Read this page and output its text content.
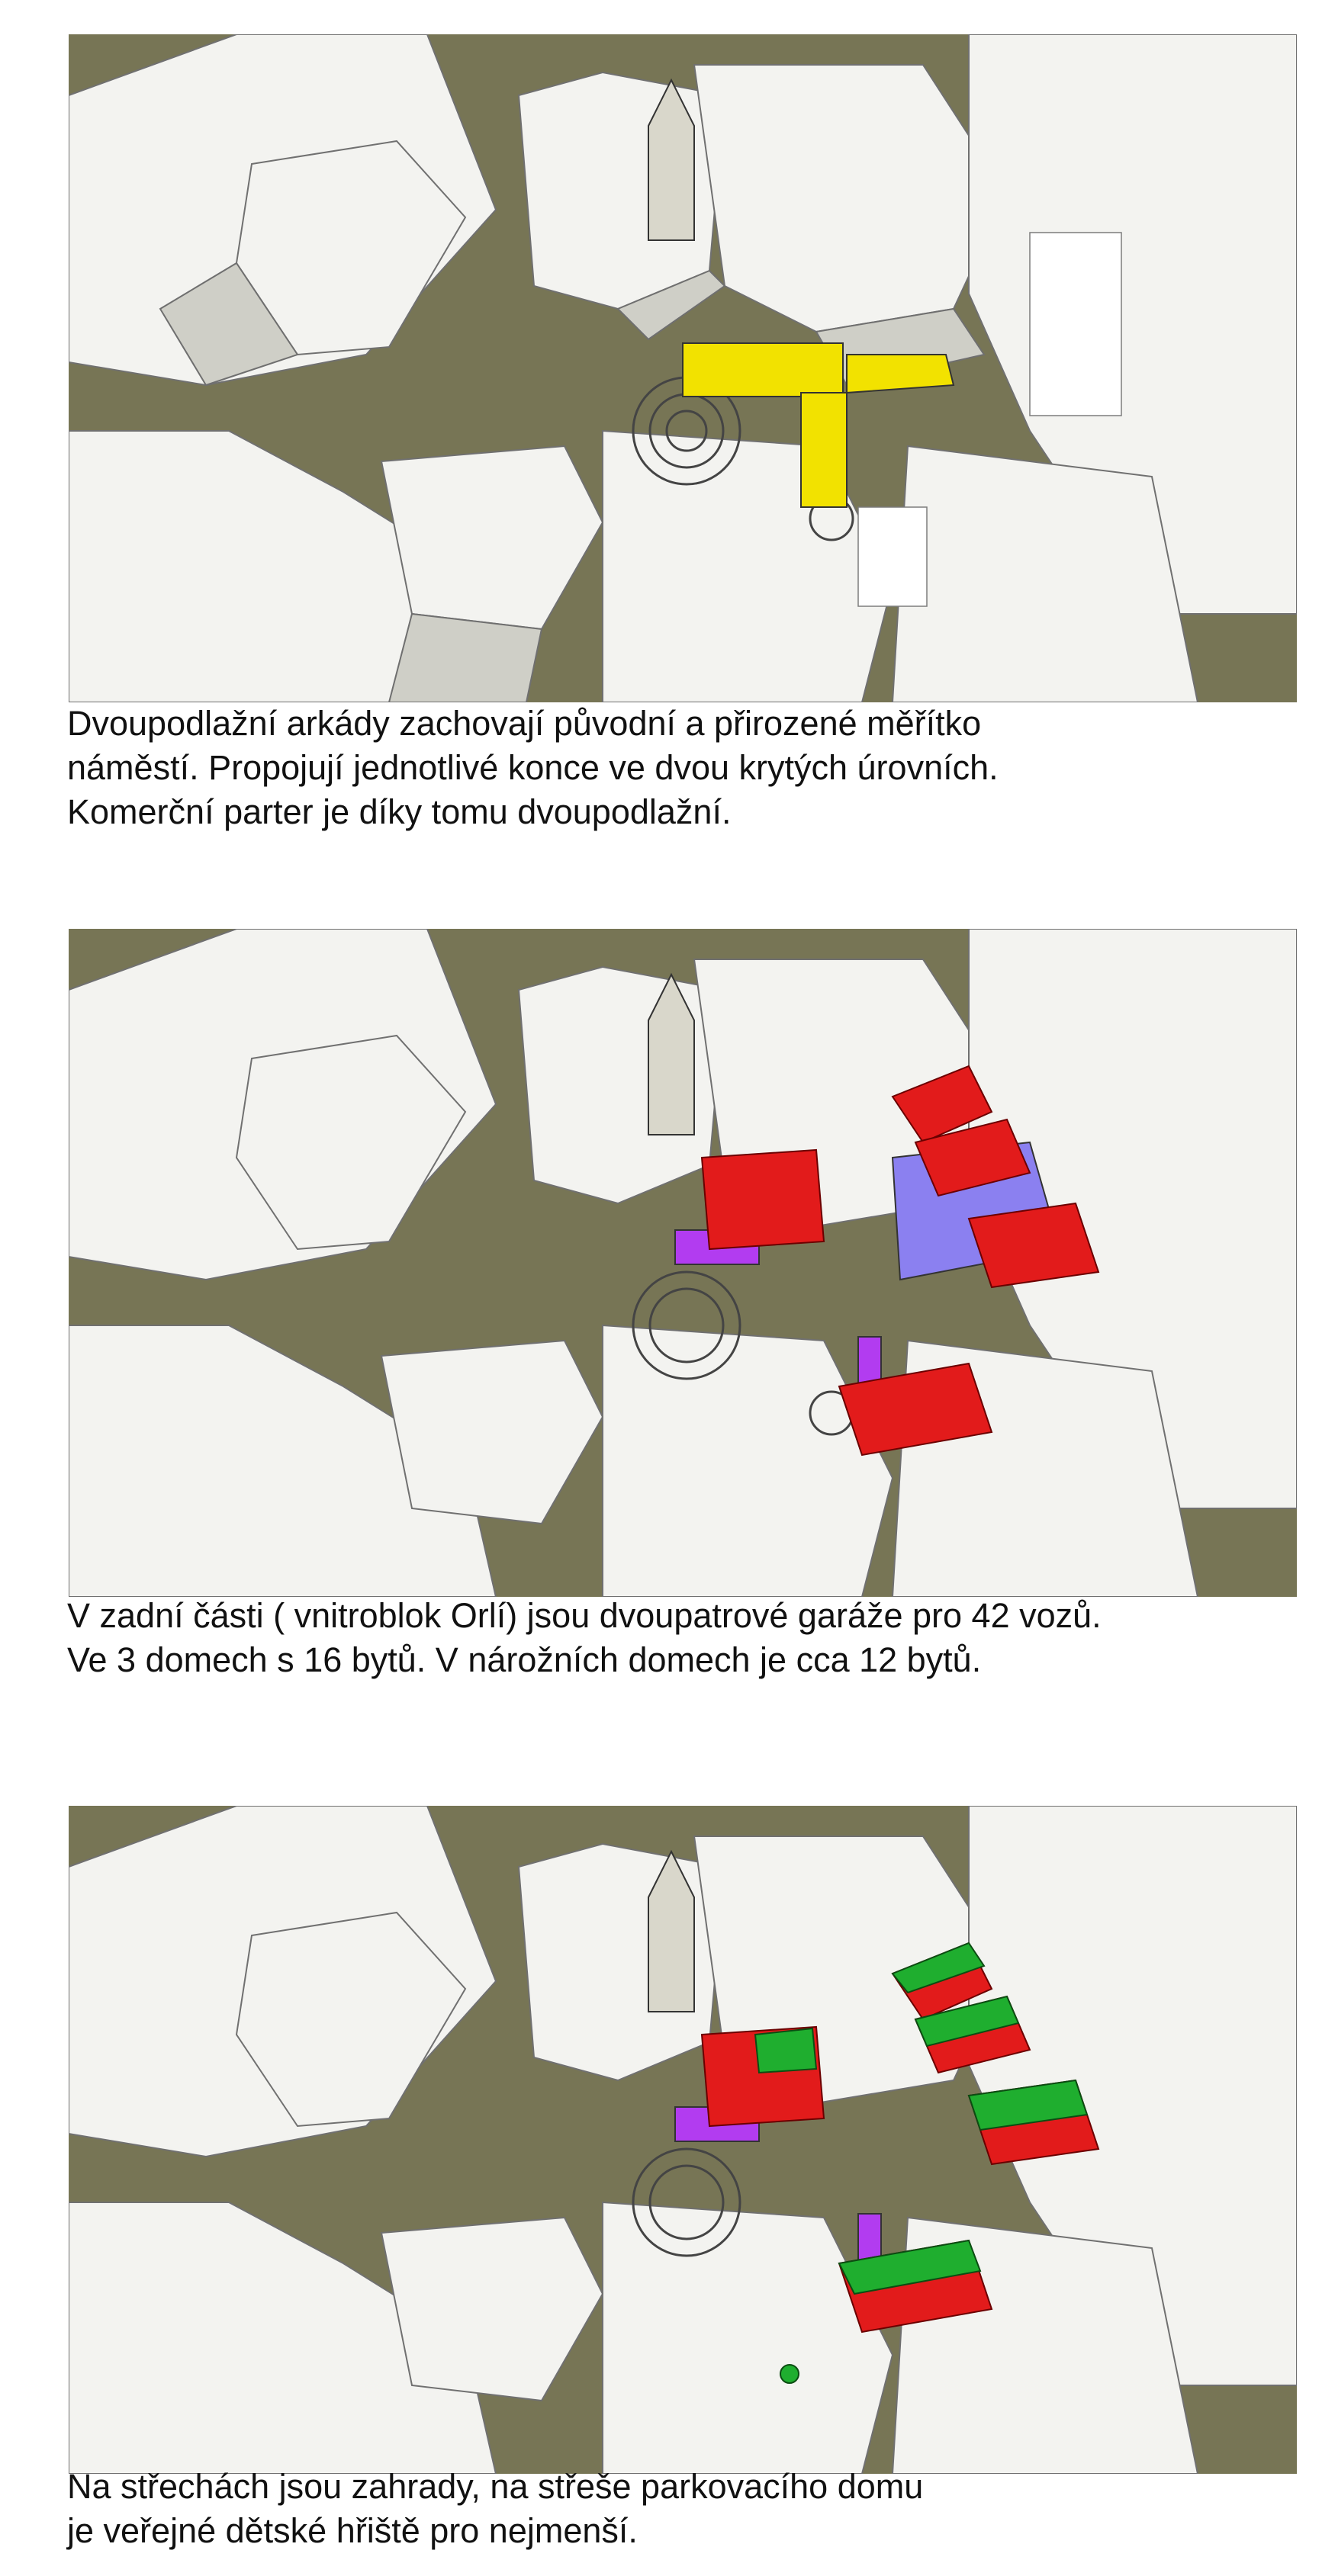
Dvoupodlažní arkády zachovají původní a přirozené měřítko

náměstí. Propojují jednotlivé konce ve dvou krytých úrovních.

Komerční parter je díky tomu dvoupodlažní.

V zadní části ( vnitroblok Orlí) jsou dvoupatrové garáže pro 42 vozů.

Ve 3 domech s 16 bytů. V nárožních domech je cca 12 bytů.

Na střechách jsou zahrady, na střeše parkovacího domu

je veřejné dětské hřiště pro nejmenší.
